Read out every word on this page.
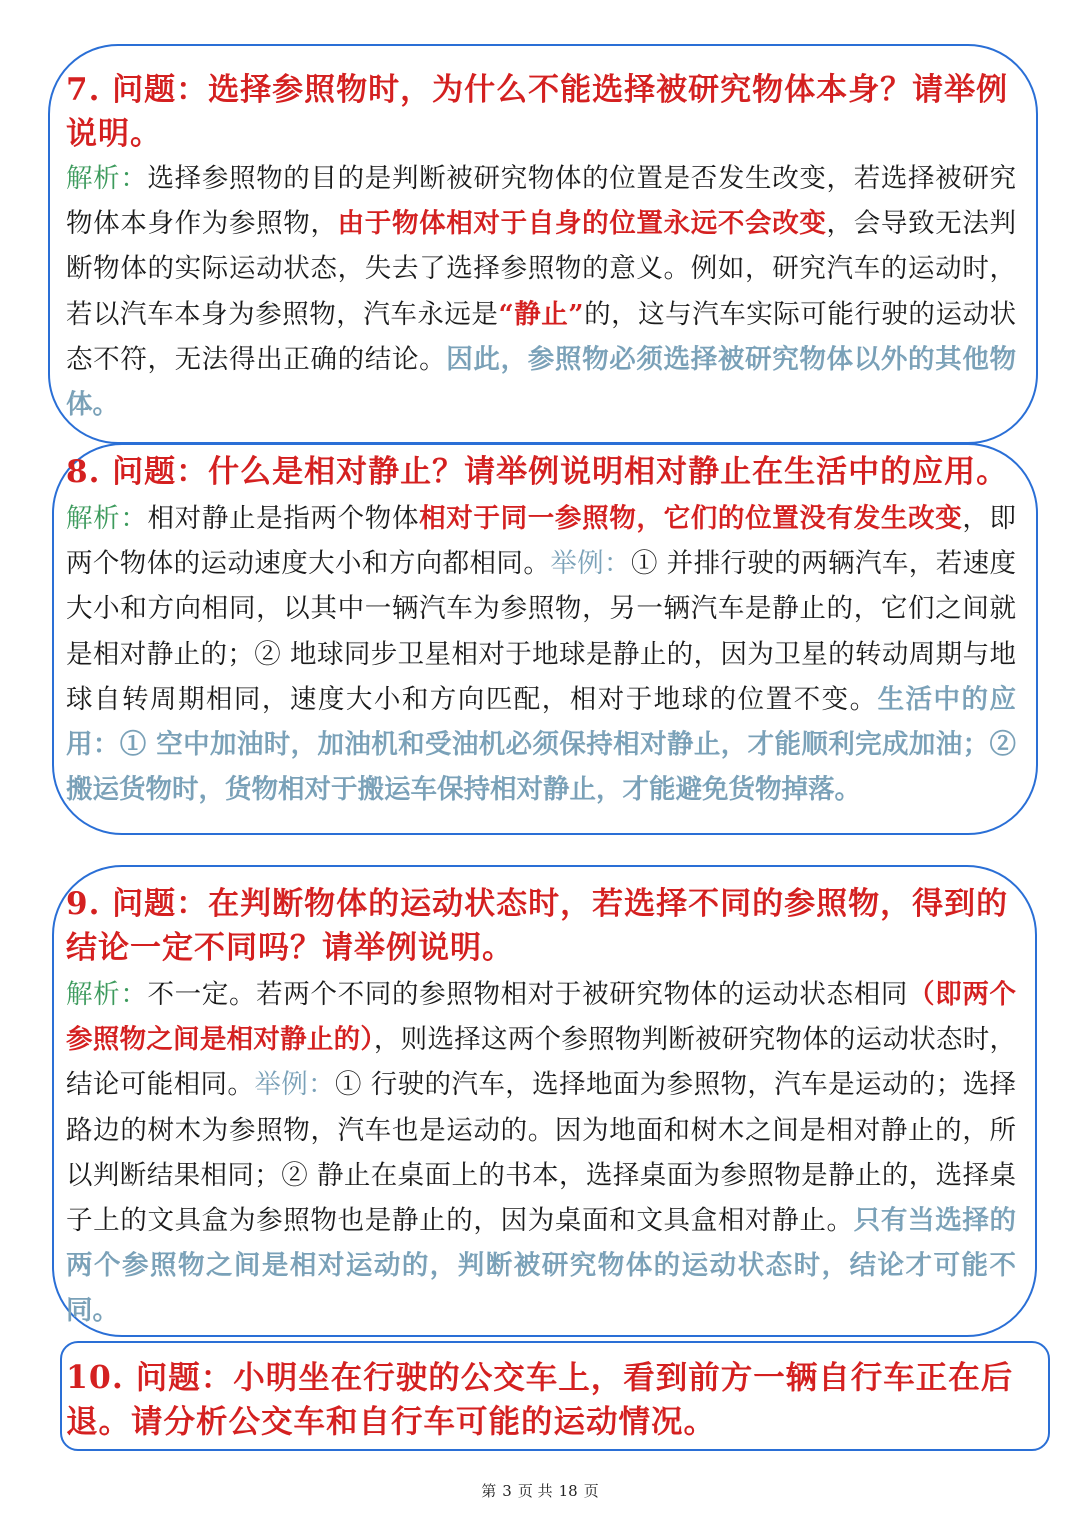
7. 问题：选择参照物时，为什么不能选择被研究物体本身？请举例说明。

解析：选择参照物的目的是判断被研究物体的位置是否发生改变，若选择被研究物体本身作为参照物，由于物体相对于自身的位置永远不会改变，会导致无法判断物体的实际运动状态，失去了选择参照物的意义。例如，研究汽车的运动时，若以汽车本身为参照物，汽车永远是“静止”的，这与汽车实际可能行驶的运动状态不符，无法得出正确的结论。因此，参照物必须选择被研究物体以外的其他物体。

8. 问题：什么是相对静止？请举例说明相对静止在生活中的应用。

解析：相对静止是指两个物体相对于同一参照物，它们的位置没有发生改变，即两个物体的运动速度大小和方向都相同。举例：① 并排行驶的两辆汽车，若速度大小和方向相同，以其中一辆汽车为参照物，另一辆汽车是静止的，它们之间就是相对静止的；② 地球同步卫星相对于地球是静止的，因为卫星的转动周期与地球自转周期相同，速度大小和方向匹配，相对于地球的位置不变。生活中的应用：① 空中加油时，加油机和受油机必须保持相对静止，才能顺利完成加油；② 搬运货物时，货物相对于搬运车保持相对静止，才能避免货物掉落。

9. 问题：在判断物体的运动状态时，若选择不同的参照物，得到的结论一定不同吗？请举例说明。

解析：不一定。若两个不同的参照物相对于被研究物体的运动状态相同（即两个参照物之间是相对静止的），则选择这两个参照物判断被研究物体的运动状态时，结论可能相同。举例：① 行驶的汽车，选择地面为参照物，汽车是运动的；选择路边的树木为参照物，汽车也是运动的。因为地面和树木之间是相对静止的，所以判断结果相同；② 静止在桌面上的书本，选择桌面为参照物是静止的，选择桌子上的文具盒为参照物也是静止的，因为桌面和文具盒相对静止。只有当选择的两个参照物之间是相对运动的，判断被研究物体的运动状态时，结论才可能不同。

10. 问题：小明坐在行驶的公交车上，看到前方一辆自行车正在后退。请分析公交车和自行车可能的运动情况。
第 3 页 共 18 页
